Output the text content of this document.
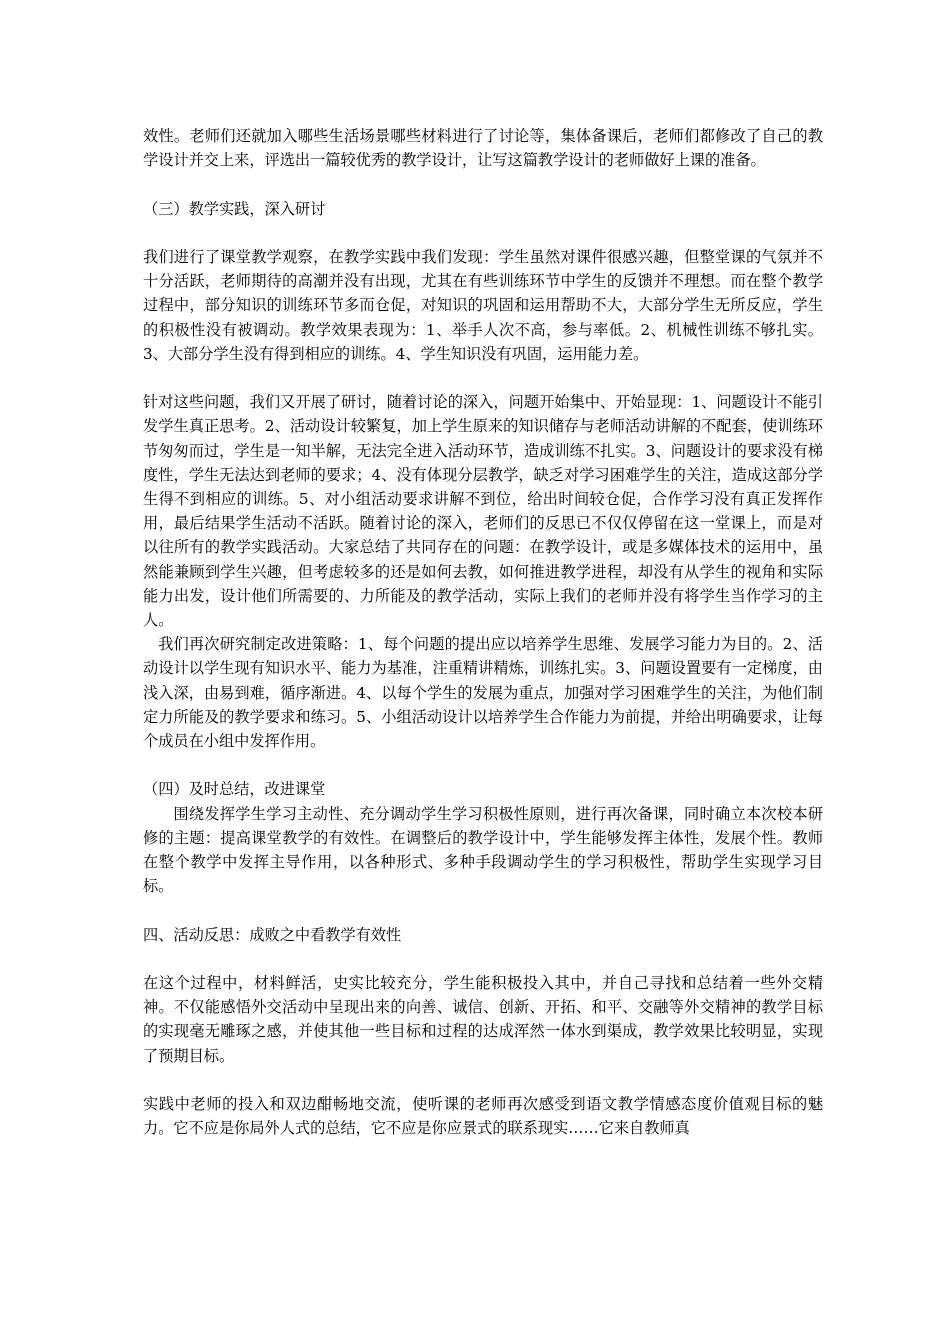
效性。老师们还就加入哪些生活场景哪些材料进行了讨论等，集体备课后，老师们都修改了自己的教学设计并交上来，评选出一篇较优秀的教学设计，让写这篇教学设计的老师做好上课的准备。

（三）教学实践，深入研讨

我们进行了课堂教学观察，在教学实践中我们发现：学生虽然对课件很感兴趣，但整堂课的气氛并不十分活跃，老师期待的高潮并没有出现，尤其在有些训练环节中学生的反馈并不理想。而在整个教学过程中，部分知识的训练环节多而仓促，对知识的巩固和运用帮助不大，大部分学生无所反应，学生的积极性没有被调动。教学效果表现为：1、举手人次不高，参与率低。2、机械性训练不够扎实。3、大部分学生没有得到相应的训练。4、学生知识没有巩固，运用能力差。

针对这些问题，我们又开展了研讨，随着讨论的深入，问题开始集中、开始显现：1、问题设计不能引发学生真正思考。2、活动设计较繁复，加上学生原来的知识储存与老师活动讲解的不配套，使训练环节匆匆而过，学生是一知半解，无法完全进入活动环节，造成训练不扎实。3、问题设计的要求没有梯度性，学生无法达到老师的要求；4、没有体现分层教学，缺乏对学习困难学生的关注，造成这部分学生得不到相应的训练。5、对小组活动要求讲解不到位，给出时间较仓促，合作学习没有真正发挥作用，最后结果学生活动不活跃。随着讨论的深入，老师们的反思已不仅仅停留在这一堂课上，而是对以往所有的教学实践活动。大家总结了共同存在的问题：在教学设计，或是多媒体技术的运用中，虽然能兼顾到学生兴趣，但考虑较多的还是如何去教，如何推进教学进程，却没有从学生的视角和实际能力出发，设计他们所需要的、力所能及的教学活动，实际上我们的老师并没有将学生当作学习的主人。

我们再次研究制定改进策略：1、每个问题的提出应以培养学生思维、发展学习能力为目的。2、活动设计以学生现有知识水平、能力为基准，注重精讲精炼，训练扎实。3、问题设置要有一定梯度，由浅入深，由易到难，循序渐进。4、以每个学生的发展为重点，加强对学习困难学生的关注，为他们制定力所能及的教学要求和练习。5、小组活动设计以培养学生合作能力为前提，并给出明确要求，让每个成员在小组中发挥作用。

（四）及时总结，改进课堂

围绕发挥学生学习主动性、充分调动学生学习积极性原则，进行再次备课，同时确立本次校本研修的主题：提高课堂教学的有效性。在调整后的教学设计中，学生能够发挥主体性，发展个性。教师在整个教学中发挥主导作用，以各种形式、多种手段调动学生的学习积极性，帮助学生实现学习目标。

四、活动反思：成败之中看教学有效性

在这个过程中，材料鲜活，史实比较充分，学生能积极投入其中，并自己寻找和总结着一些外交精神。不仅能感悟外交活动中呈现出来的向善、诚信、创新、开拓、和平、交融等外交精神的教学目标的实现毫无雕琢之感，并使其他一些目标和过程的达成浑然一体水到渠成，教学效果比较明显，实现了预期目标。

实践中老师的投入和双边酣畅地交流，使听课的老师再次感受到语文教学情感态度价值观目标的魅力。它不应是你局外人式的总结，它不应是你应景式的联系现实……它来自教师真
